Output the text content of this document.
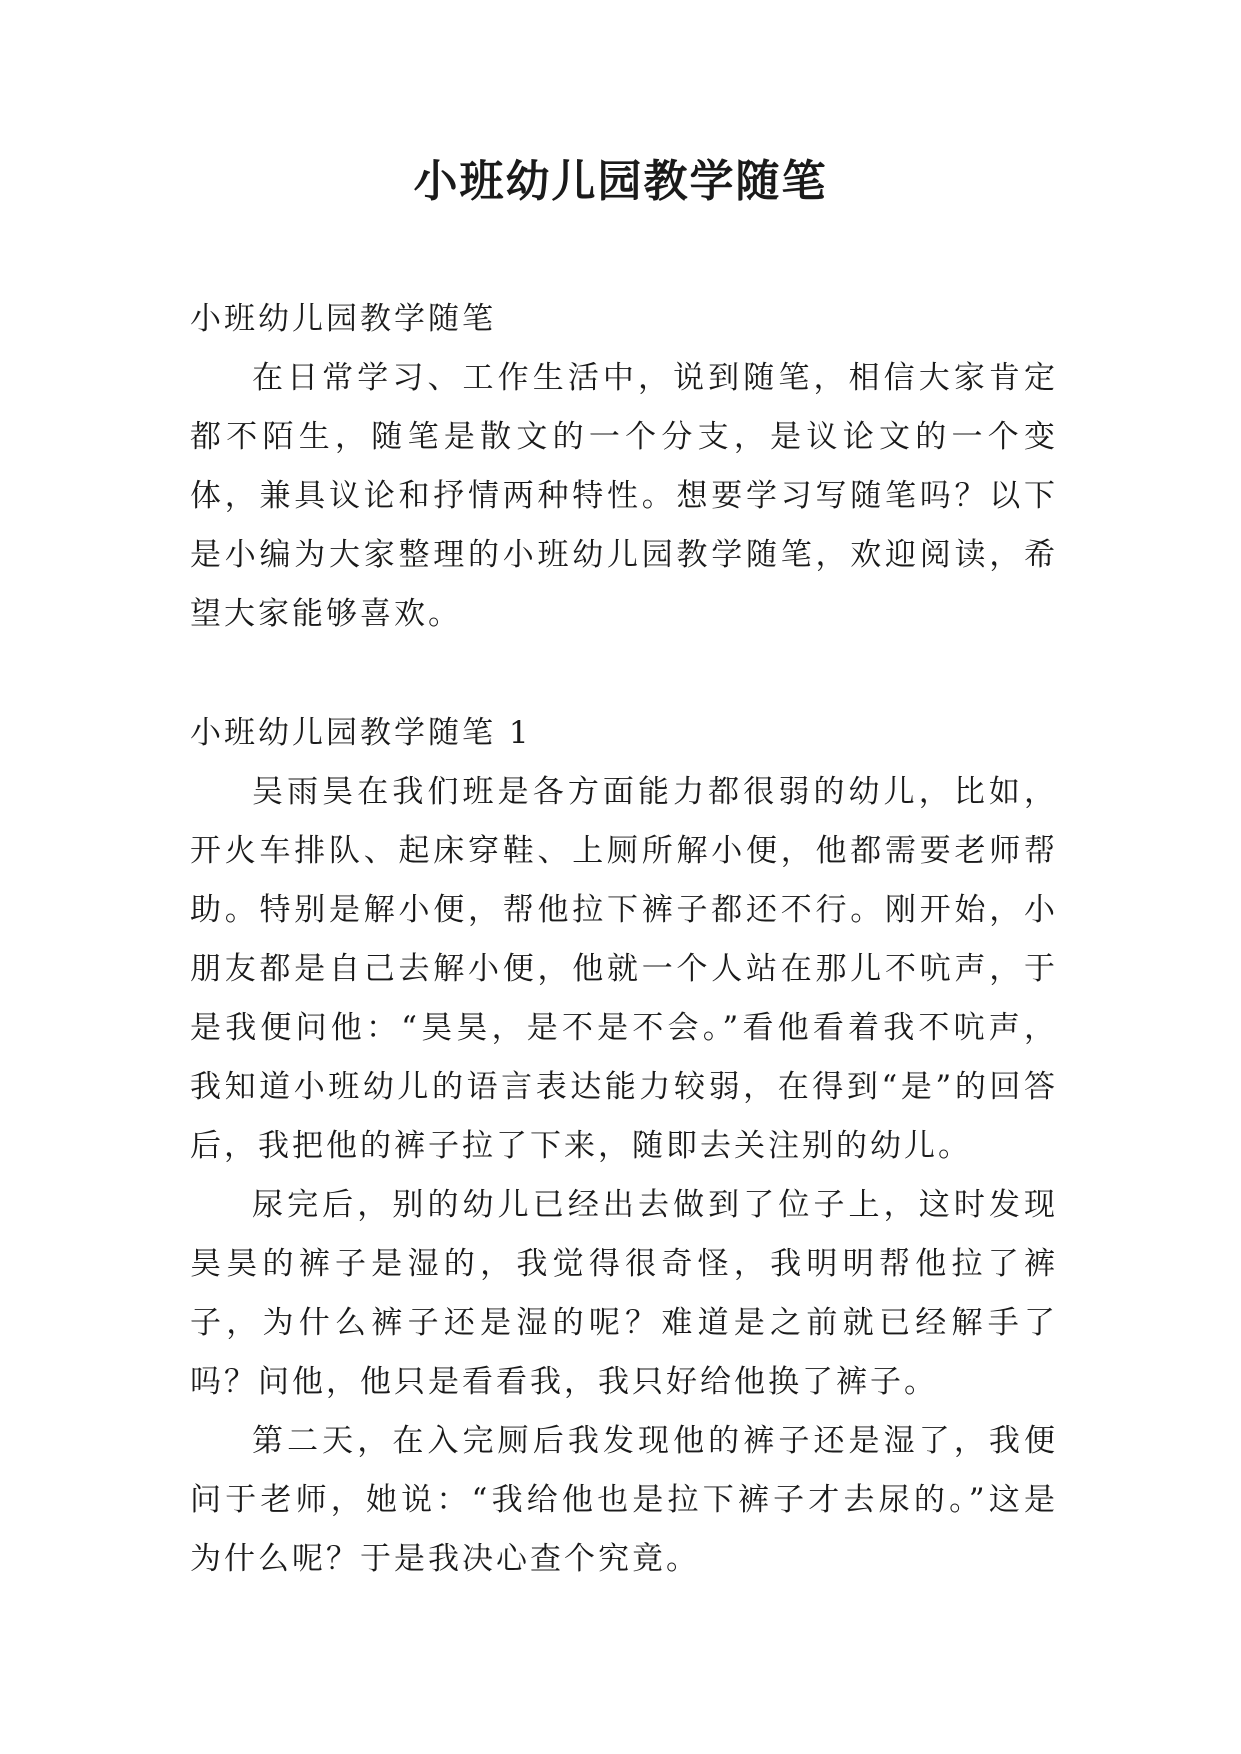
小班幼儿园教学随笔

小班幼儿园教学随笔

在日常学习、工作生活中，说到随笔，相信大家肯定都不陌生，随笔是散文的一个分支，是议论文的一个变体，兼具议论和抒情两种特性。想要学习写随笔吗？以下是小编为大家整理的小班幼儿园教学随笔，欢迎阅读，希望大家能够喜欢。

小班幼儿园教学随笔 1

吴雨昊在我们班是各方面能力都很弱的幼儿，比如，开火车排队、起床穿鞋、上厕所解小便，他都需要老师帮助。特别是解小便，帮他拉下裤子都还不行。刚开始，小朋友都是自己去解小便，他就一个人站在那儿不吭声，于是我便问他：“昊昊，是不是不会。”看他看着我不吭声，我知道小班幼儿的语言表达能力较弱，在得到“是”的回答后，我把他的裤子拉了下来，随即去关注别的幼儿。

尿完后，别的幼儿已经出去做到了位子上，这时发现昊昊的裤子是湿的，我觉得很奇怪，我明明帮他拉了裤子，为什么裤子还是湿的呢？难道是之前就已经解手了吗？问他，他只是看看我，我只好给他换了裤子。

第二天，在入完厕后我发现他的裤子还是湿了，我便问于老师，她说：“我给他也是拉下裤子才去尿的。”这是为什么呢？于是我决心查个究竟。
